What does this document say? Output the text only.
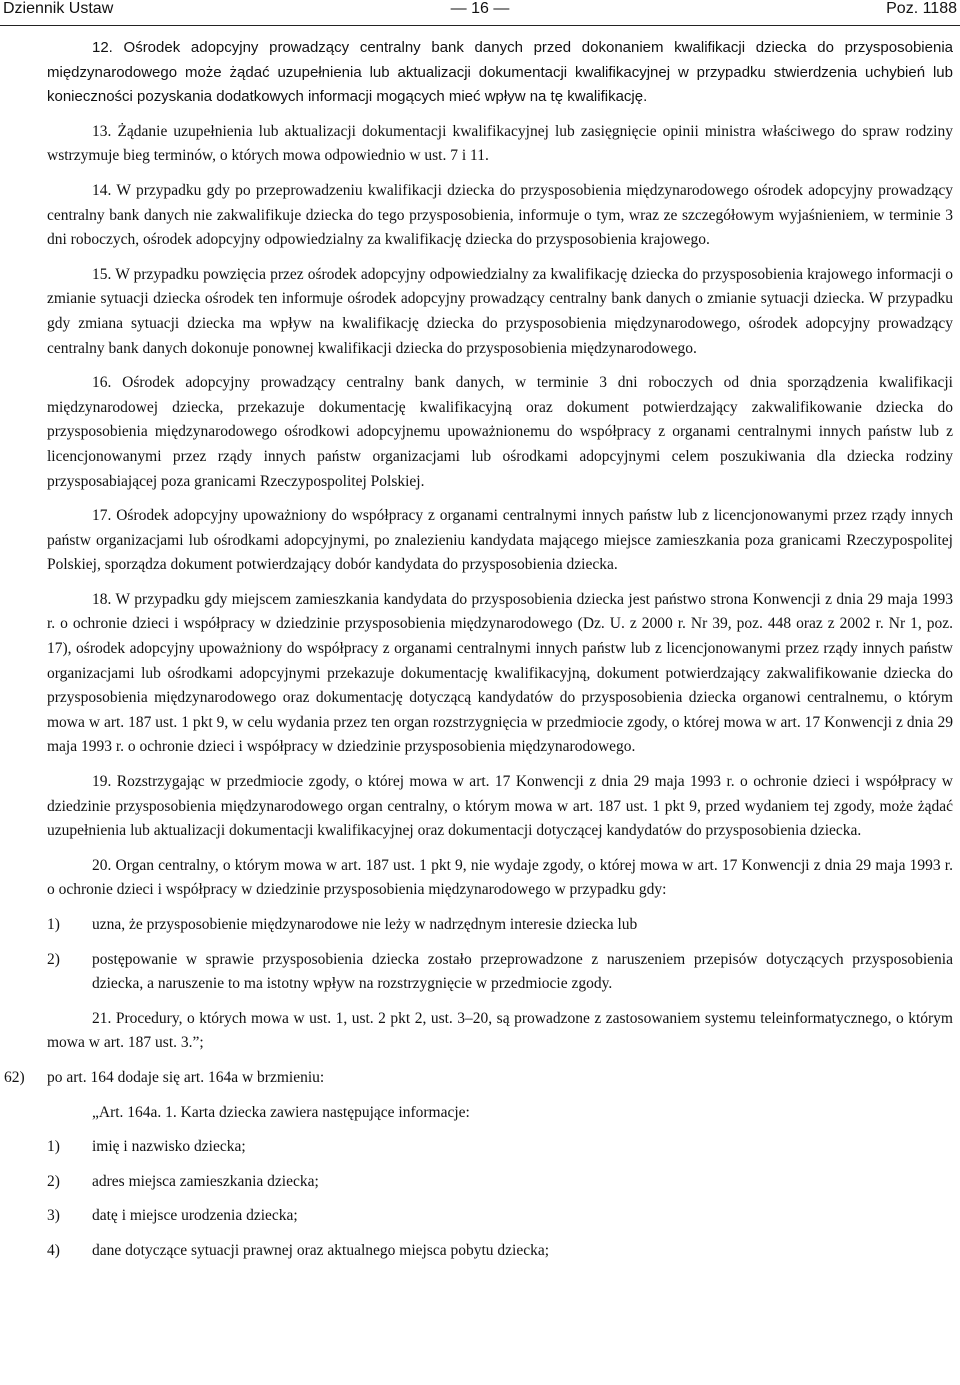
Dziennik Ustaw	— 16 —	Poz. 1188

12. Ośrodek adopcyjny prowadzący centralny bank danych przed dokonaniem kwalifikacji dziecka do przysposobienia międzynarodowego może żądać uzupełnienia lub aktualizacji dokumentacji kwalifikacyjnej w przypadku stwierdzenia uchybień lub konieczności pozyskania dodatkowych informacji mogących mieć wpływ na tę kwalifikację.

13. Żądanie uzupełnienia lub aktualizacji dokumentacji kwalifikacyjnej lub zasięgnięcie opinii ministra właściwego do spraw rodziny wstrzymuje bieg terminów, o których mowa odpowiednio w ust. 7 i 11.

14. W przypadku gdy po przeprowadzeniu kwalifikacji dziecka do przysposobienia międzynarodowego ośrodek adopcyjny prowadzący centralny bank danych nie zakwalifikuje dziecka do tego przysposobienia, informuje o tym, wraz ze szczegółowym wyjaśnieniem, w terminie 3 dni roboczych, ośrodek adopcyjny odpowiedzialny za kwalifikację dziecka do przysposobienia krajowego.

15. W przypadku powzięcia przez ośrodek adopcyjny odpowiedzialny za kwalifikację dziecka do przysposobienia krajowego informacji o zmianie sytuacji dziecka ośrodek ten informuje ośrodek adopcyjny prowadzący centralny bank danych o zmianie sytuacji dziecka. W przypadku gdy zmiana sytuacji dziecka ma wpływ na kwalifikację dziecka do przysposobienia międzynarodowego, ośrodek adopcyjny prowadzący centralny bank danych dokonuje ponownej kwalifikacji dziecka do przysposobienia międzynarodowego.

16. Ośrodek adopcyjny prowadzący centralny bank danych, w terminie 3 dni roboczych od dnia sporządzenia kwalifikacji międzynarodowej dziecka, przekazuje dokumentację kwalifikacyjną oraz dokument potwierdzający zakwalifikowanie dziecka do przysposobienia międzynarodowego ośrodkowi adopcyjnemu upoważnionemu do współpracy z organami centralnymi innych państw lub z licencjonowanymi przez rządy innych państw organizacjami lub ośrodkami adopcyjnymi celem poszukiwania dla dziecka rodziny przysposabiającej poza granicami Rzeczypospolitej Polskiej.

17. Ośrodek adopcyjny upoważniony do współpracy z organami centralnymi innych państw lub z licencjonowanymi przez rządy innych państw organizacjami lub ośrodkami adopcyjnymi, po znalezieniu kandydata mającego miejsce zamieszkania poza granicami Rzeczypospolitej Polskiej, sporządza dokument potwierdzający dobór kandydata do przysposobienia dziecka.

18. W przypadku gdy miejscem zamieszkania kandydata do przysposobienia dziecka jest państwo strona Konwencji z dnia 29 maja 1993 r. o ochronie dzieci i współpracy w dziedzinie przysposobienia międzynarodowego (Dz. U. z 2000 r. Nr 39, poz. 448 oraz z 2002 r. Nr 1, poz. 17), ośrodek adopcyjny upoważniony do współpracy z organami centralnymi innych państw lub z licencjonowanymi przez rządy innych państw organizacjami lub ośrodkami adopcyjnymi przekazuje dokumentację kwalifikacyjną, dokument potwierdzający zakwalifikowanie dziecka do przysposobienia międzynarodowego oraz dokumentację dotyczącą kandydatów do przysposobienia dziecka organowi centralnemu, o którym mowa w art. 187 ust. 1 pkt 9, w celu wydania przez ten organ rozstrzygnięcia w przedmiocie zgody, o której mowa w art. 17 Konwencji z dnia 29 maja 1993 r. o ochronie dzieci i współpracy w dziedzinie przysposobienia międzynarodowego.

19. Rozstrzygając w przedmiocie zgody, o której mowa w art. 17 Konwencji z dnia 29 maja 1993 r. o ochronie dzieci i współpracy w dziedzinie przysposobienia międzynarodowego organ centralny, o którym mowa w art. 187 ust. 1 pkt 9, przed wydaniem tej zgody, może żądać uzupełnienia lub aktualizacji dokumentacji kwalifikacyjnej oraz dokumentacji dotyczącej kandydatów do przysposobienia dziecka.

20. Organ centralny, o którym mowa w art. 187 ust. 1 pkt 9, nie wydaje zgody, o której mowa w art. 17 Konwencji z dnia 29 maja 1993 r. o ochronie dzieci i współpracy w dziedzinie przysposobienia międzynarodowego w przypadku gdy:

1) uzna, że przysposobienie międzynarodowe nie leży w nadrzędnym interesie dziecka lub
2) postępowanie w sprawie przysposobienia dziecka zostało przeprowadzone z naruszeniem przepisów dotyczących przysposobienia dziecka, a naruszenie to ma istotny wpływ na rozstrzygnięcie w przedmiocie zgody.

21. Procedury, o których mowa w ust. 1, ust. 2 pkt 2, ust. 3–20, są prowadzone z zastosowaniem systemu teleinformatycznego, o którym mowa w art. 187 ust. 3.”;

62) po art. 164 dodaje się art. 164a w brzmieniu:

„Art. 164a. 1. Karta dziecka zawiera następujące informacje:

1) imię i nazwisko dziecka;
2) adres miejsca zamieszkania dziecka;
3) datę i miejsce urodzenia dziecka;
4) dane dotyczące sytuacji prawnej oraz aktualnego miejsca pobytu dziecka;
